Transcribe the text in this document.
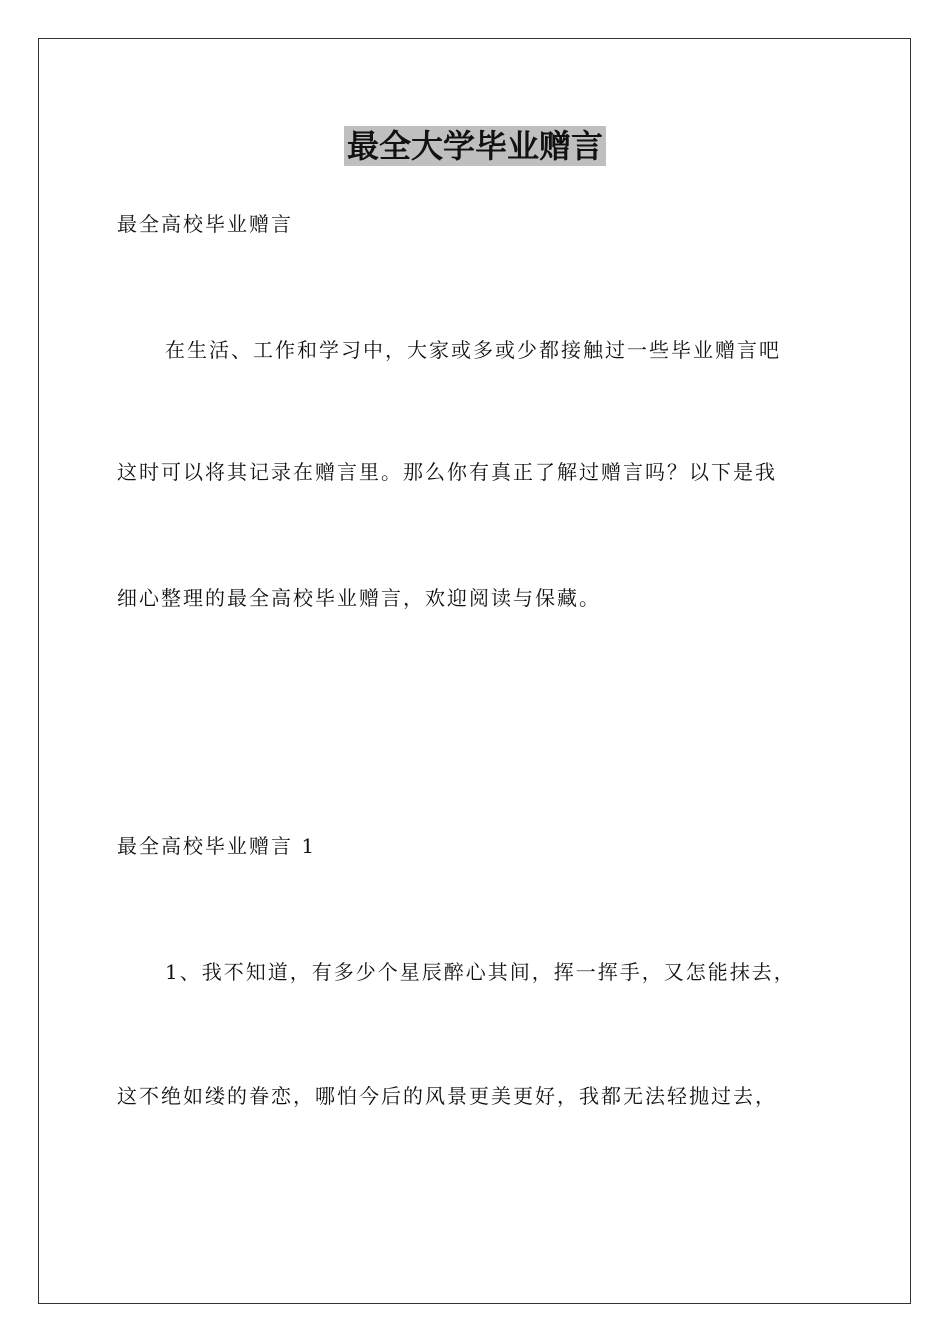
最全大学毕业赠言
最全高校毕业赠言
在生活、工作和学习中，大家或多或少都接触过一些毕业赠言吧
这时可以将其记录在赠言里。那么你有真正了解过赠言吗？以下是我
细心整理的最全高校毕业赠言，欢迎阅读与保藏。
最全高校毕业赠言 1
1、我不知道，有多少个星辰醉心其间，挥一挥手，又怎能抹去，
这不绝如缕的眷恋，哪怕今后的风景更美更好，我都无法轻抛过去，
